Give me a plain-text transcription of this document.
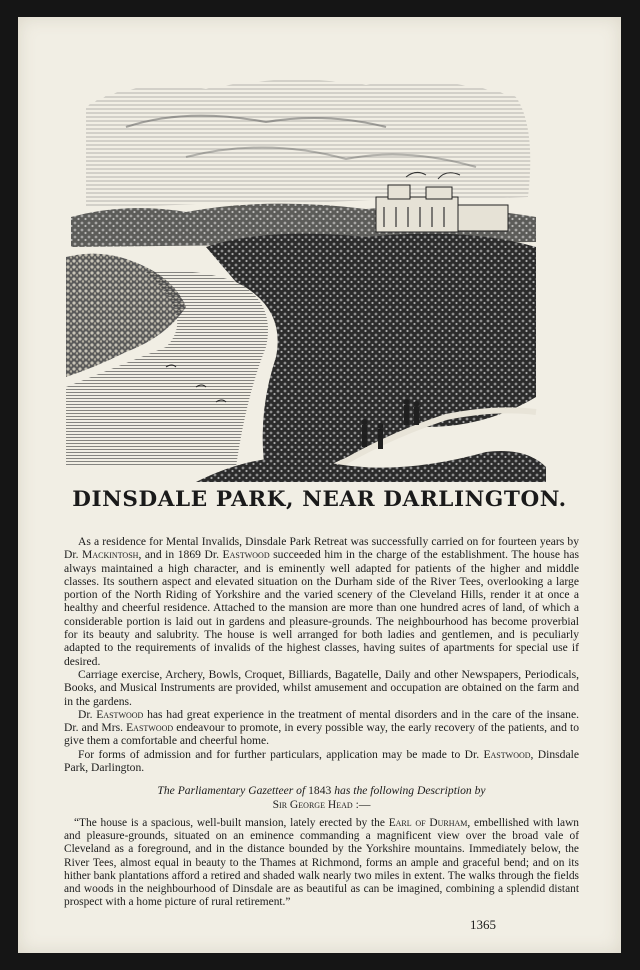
DINSDALE PARK, NEAR DARLINGTON.

As a residence for Mental Invalids, Dinsdale Park Retreat was successfully carried on for fourteen years by Dr. Mackintosh, and in 1869 Dr. Eastwood succeeded him in the charge of the establishment. The house has always maintained a high character, and is eminently well adapted for patients of the higher and middle classes. Its southern aspect and elevated situation on the Durham side of the River Tees, overlooking a large portion of the North Riding of Yorkshire and the varied scenery of the Cleveland Hills, render it at once a healthy and cheerful residence. Attached to the mansion are more than one hundred acres of land, of which a considerable portion is laid out in gardens and pleasure-grounds. The neighbourhood has become proverbial for its beauty and salubrity. The house is well arranged for both ladies and gentlemen, and is peculiarly adapted to the requirements of invalids of the highest classes, having suites of apartments for special use if desired.

Carriage exercise, Archery, Bowls, Croquet, Billiards, Bagatelle, Daily and other Newspapers, Periodicals, Books, and Musical Instruments are provided, whilst amusement and occupation are obtained on the farm and in the gardens.

Dr. Eastwood has had great experience in the treatment of mental disorders and in the care of the insane. Dr. and Mrs. Eastwood endeavour to promote, in every possible way, the early recovery of the patients, and to give them a comfortable and cheerful home.

For forms of admission and for further particulars, application may be made to Dr. Eastwood, Dinsdale Park, Darlington.

The Parliamentary Gazetteer of 1843 has the following Description by
Sir George Head :—

“The house is a spacious, well-built mansion, lately erected by the Earl of Durham, embellished with lawn and pleasure-grounds, situated on an eminence commanding a magnificent view over the broad vale of Cleveland as a foreground, and in the distance bounded by the Yorkshire mountains. Immediately below, the River Tees, almost equal in beauty to the Thames at Richmond, forms an ample and graceful bend; and on its hither bank plantations afford a retired and shaded walk nearly two miles in extent. The walks through the fields and woods in the neighbourhood of Dinsdale are as beautiful as can be imagined, combining a splendid distant prospect with a home picture of rural retirement.”

1365
